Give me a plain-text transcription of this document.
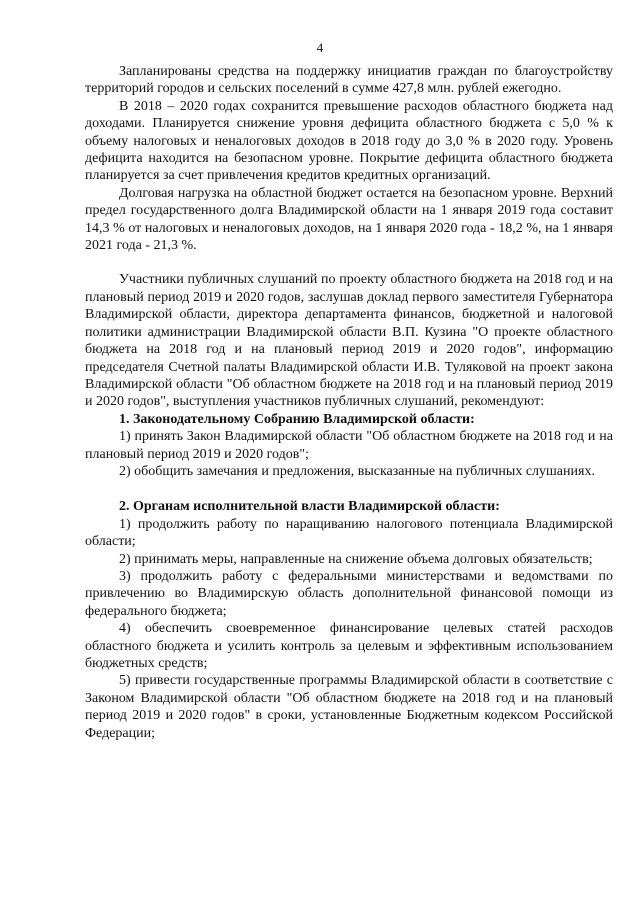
4

Запланированы средства на поддержку инициатив граждан по благоустройству территорий городов и сельских поселений в сумме 427,8 млн. рублей ежегодно.

В 2018 – 2020 годах сохранится превышение расходов областного бюджета над доходами. Планируется снижение уровня дефицита областного бюджета с 5,0 % к объему налоговых и неналоговых доходов в 2018 году до 3,0 % в 2020 году. Уровень дефицита находится на безопасном уровне. Покрытие дефицита областного бюджета планируется за счет привлечения кредитов кредитных организаций.

Долговая нагрузка на областной бюджет остается на безопасном уровне. Верхний предел государственного долга Владимирской области на 1 января 2019 года составит 14,3 % от налоговых и неналоговых доходов, на 1 января 2020 года - 18,2 %, на 1 января 2021 года - 21,3 %.

Участники публичных слушаний по проекту областного бюджета на 2018 год и на плановый период 2019 и 2020 годов, заслушав доклад первого заместителя Губернатора Владимирской области, директора департамента финансов, бюджетной и налоговой политики администрации Владимирской области В.П. Кузина "О проекте областного бюджета на 2018 год и на плановый период 2019 и 2020 годов", информацию председателя Счетной палаты Владимирской области И.В. Туляковой на проект закона Владимирской области "Об областном бюджете на 2018 год и на плановый период 2019 и 2020 годов", выступления участников публичных слушаний, рекомендуют:

1. Законодательному Собранию Владимирской области:

1) принять Закон Владимирской области "Об областном бюджете на 2018 год и на плановый период 2019 и 2020 годов";

2) обобщить замечания и предложения, высказанные на публичных слушаниях.

2. Органам исполнительной власти Владимирской области:

1) продолжить работу по наращиванию налогового потенциала Владимирской области;

2) принимать меры, направленные на снижение объема долговых обязательств;

3) продолжить работу с федеральными министерствами и ведомствами по привлечению во Владимирскую область дополнительной финансовой помощи из федерального бюджета;

4) обеспечить своевременное финансирование целевых статей расходов областного бюджета и усилить контроль за целевым и эффективным использованием бюджетных средств;

5) привести государственные программы Владимирской области в соответствие с Законом Владимирской области "Об областном бюджете на 2018 год и на плановый период 2019 и 2020 годов" в сроки, установленные Бюджетным кодексом Российской Федерации;
